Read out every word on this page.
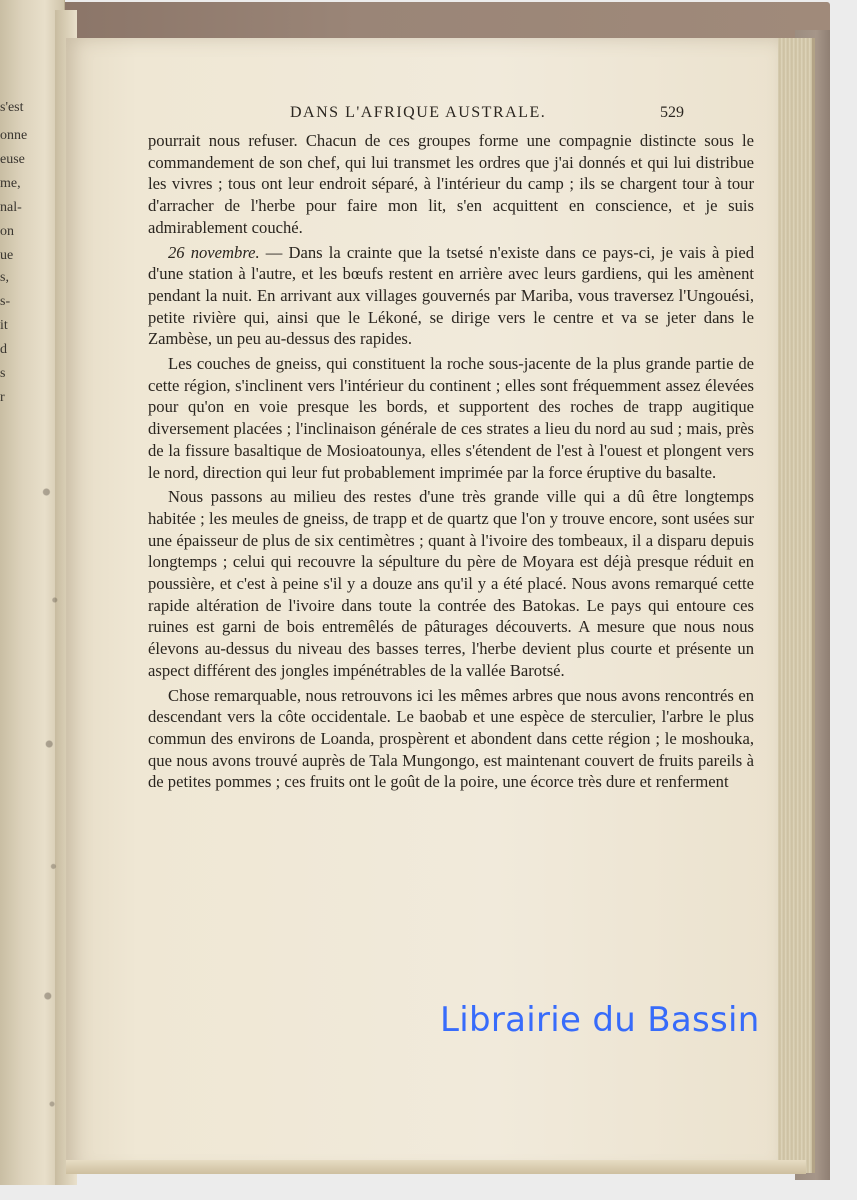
s'est
onne
euse
me,
nal-
on
ue
s,
s-
it
d
s
r
DANS L'AFRIQUE AUSTRALE.	529

pourrait nous refuser. Chacun de ces groupes forme une compagnie distincte sous le commandement de son chef, qui lui transmet les ordres que j'ai donnés et qui lui distribue les vivres ; tous ont leur endroit séparé, à l'intérieur du camp ; ils se chargent tour à tour d'arracher de l'herbe pour faire mon lit, s'en acquittent en conscience, et je suis admirablement couché.

26 novembre. — Dans la crainte que la tsetsé n'existe dans ce pays-ci, je vais à pied d'une station à l'autre, et les bœufs restent en arrière avec leurs gardiens, qui les amènent pendant la nuit. En arrivant aux villages gouvernés par Mariba, vous traversez l'Ungouési, petite rivière qui, ainsi que le Lékoné, se dirige vers le centre et va se jeter dans le Zambèse, un peu au-dessus des rapides.

Les couches de gneiss, qui constituent la roche sous-jacente de la plus grande partie de cette région, s'inclinent vers l'intérieur du continent ; elles sont fréquemment assez élevées pour qu'on en voie presque les bords, et supportent des roches de trapp augitique diversement placées ; l'inclinaison générale de ces strates a lieu du nord au sud ; mais, près de la fissure basaltique de Mosioatounya, elles s'étendent de l'est à l'ouest et plongent vers le nord, direction qui leur fut probablement imprimée par la force éruptive du basalte.

Nous passons au milieu des restes d'une très grande ville qui a dû être longtemps habitée ; les meules de gneiss, de trapp et de quartz que l'on y trouve encore, sont usées sur une épaisseur de plus de six centimètres ; quant à l'ivoire des tombeaux, il a disparu depuis longtemps ; celui qui recouvre la sépulture du père de Moyara est déjà presque réduit en poussière, et c'est à peine s'il y a douze ans qu'il y a été placé. Nous avons remarqué cette rapide altération de l'ivoire dans toute la contrée des Batokas. Le pays qui entoure ces ruines est garni de bois entremêlés de pâturages découverts. A mesure que nous nous élevons au-dessus du niveau des basses terres, l'herbe devient plus courte et présente un aspect différent des jongles impénétrables de la vallée Barotsé.

Chose remarquable, nous retrouvons ici les mêmes arbres que nous avons rencontrés en descendant vers la côte occidentale. Le baobab et une espèce de sterculier, l'arbre le plus commun des environs de Loanda, prospèrent et abondent dans cette région ; le moshouka, que nous avons trouvé auprès de Tala Mungongo, est maintenant couvert de fruits pareils à de petites pommes ; ces fruits ont le goût de la poire, une écorce très dure et renferment

Librairie du Bassin
